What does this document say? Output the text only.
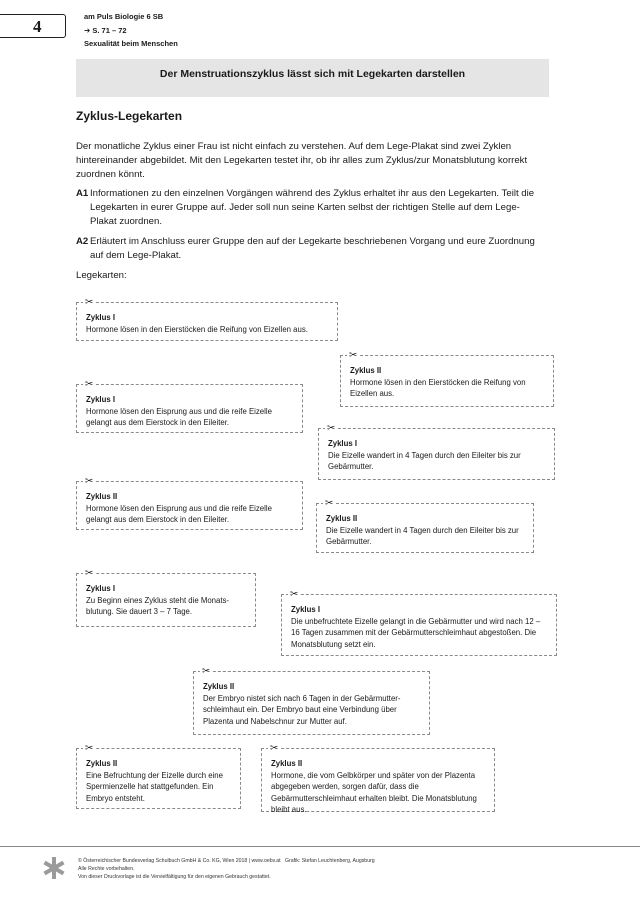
4
am Puls Biologie 6 SB
➔ S. 71 – 72
Sexualität beim Menschen
Der Menstruationszyklus lässt sich mit Legekarten darstellen
Zyklus-Legekarten
Der monatliche Zyklus einer Frau ist nicht einfach zu verstehen. Auf dem Lege-Plakat sind zwei Zyklen hintereinander abgebildet. Mit den Legekarten testet ihr, ob ihr alles zum Zyklus/zur Monatsblutung korrekt zuordnen könnt.
A1 Informationen zu den einzelnen Vorgängen während des Zyklus erhaltet ihr aus den Legekarten. Teilt die Legekarten in eurer Gruppe auf. Jeder soll nun seine Karten selbst der richtigen Stelle auf dem Lege-Plakat zuordnen.
A2 Erläutert im Anschluss eurer Gruppe den auf der Legekarte beschriebenen Vorgang und eure Zuordnung auf dem Lege-Plakat.
Legekarten:
✂
Zyklus I
Hormone lösen in den Eierstöcken die Reifung von Eizellen aus.
✂
Zyklus II
Hormone lösen in den Eierstöcken die Reifung von Eizellen aus.
✂
Zyklus I
Hormone lösen den Eisprung aus und die reife Eizelle gelangt aus dem Eierstock in den Eileiter.
✂
Zyklus I
Die Eizelle wandert in 4 Tagen durch den Eileiter bis zur Gebärmutter.
✂
Zyklus II
Hormone lösen den Eisprung aus und die reife Eizelle gelangt aus dem Eierstock in den Eileiter.
✂
Zyklus II
Die Eizelle wandert in 4 Tagen durch den Eileiter bis zur Gebärmutter.
✂
Zyklus I
Zu Beginn eines Zyklus steht die Monatsblutung. Sie dauert 3 – 7 Tage.
✂
Zyklus I
Die unbefruchtete Eizelle gelangt in die Gebärmutter und wird nach 12 – 16 Tagen zusammen mit der Gebärmutterschleimhaut abgestoßen. Die Monatsblutung setzt ein.
✂
Zyklus II
Der Embryo nistet sich nach 6 Tagen in der Gebärmutterschleimhaut ein. Der Embryo baut eine Verbindung über Plazenta und Nabelschnur zur Mutter auf.
✂
Zyklus II
Eine Befruchtung der Eizelle durch eine Spermienzelle hat stattgefunden. Ein Embryo entsteht.
✂
Zyklus II
Hormone, die vom Gelbkörper und später von der Plazenta abgegeben werden, sorgen dafür, dass die Gebärmutterschleimhaut erhalten bleibt. Die Monatsblutung bleibt aus.
© Österreichischer Bundesverlag Schulbuch GmbH & Co. KG, Wien 2018 | www.oebv.at
Alle Rechte vorbehalten.
Von dieser Druckvorlage ist die Vervielfältigung für den eigenen Gebrauch gestattet.
Grafik: Stefan Leuchtenberg, Augsburg
